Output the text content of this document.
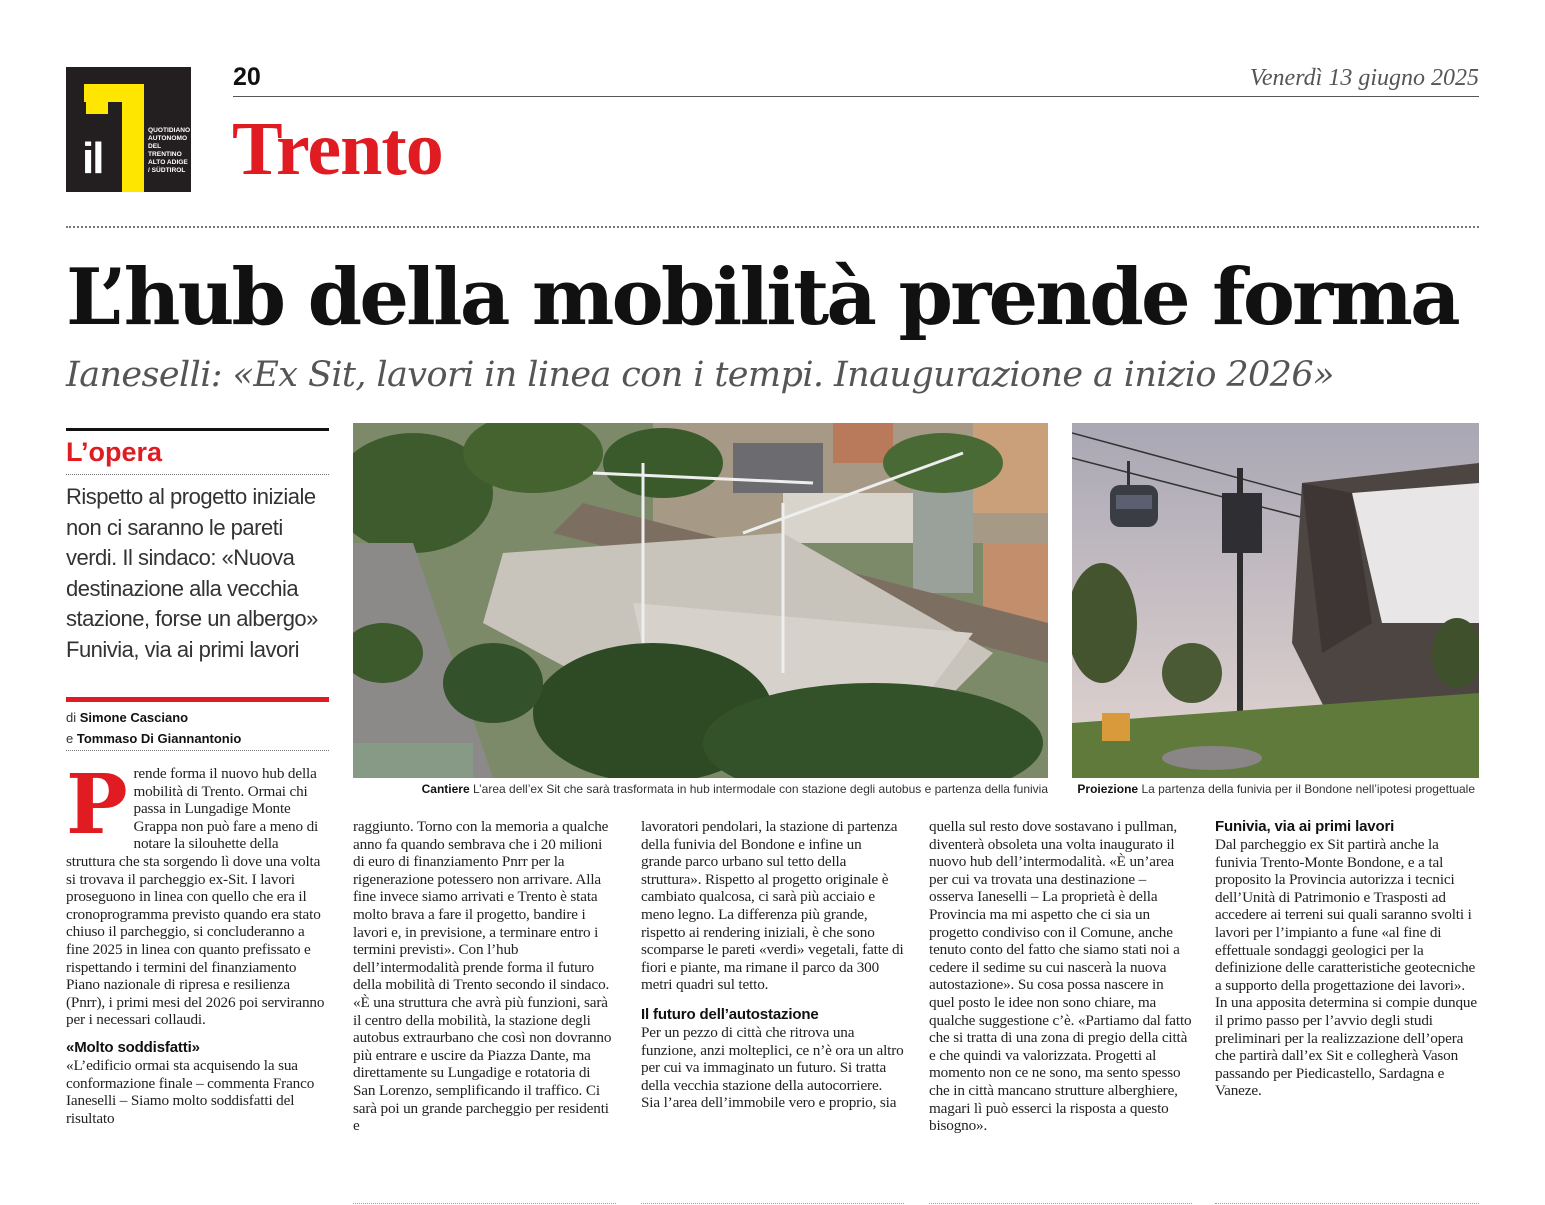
il
QUOTIDIANO AUTONOMO DEL TRENTINO ALTO ADIGE / SÜDTIROL
20	Venerdì 13 giugno 2025
Trento
L’hub della mobilità prende forma
Ianeselli: «Ex Sit, lavori in linea con i tempi. Inaugurazione a inizio 2026»
L’opera
Rispetto al progetto iniziale non ci saranno le pareti verdi. Il sindaco: «Nuova destinazione alla vecchia stazione, forse un albergo» Funivia, via ai primi lavori
di Simone Casciano
e Tommaso Di Giannantonio
Cantiere L’area dell’ex Sit che sarà trasformata in hub intermodale con stazione degli autobus e partenza della funivia Proiezione La partenza della funivia per il Bondone nell’ipotesi progettuale
P rende forma il nuovo hub della mobilità di Trento. Ormai chi passa in Lungadige Monte Grappa non può fare a meno di notare la silouhette della struttura che sta sorgendo lì dove una volta si trovava il parcheggio ex-Sit. I lavori proseguono in linea con quello che era il cronoprogramma previsto quando era stato chiuso il parcheggio, si concluderanno a fine 2025 in linea con quanto prefissato e rispettando i termini del finanziamento Piano nazionale di ripresa e resilienza (Pnrr), i primi mesi del 2026 poi serviranno per i necessari collaudi.

«Molto soddisfatti»

«L’edificio ormai sta acquisendo la sua conformazione finale – commenta Franco Ianeselli – Siamo molto soddisfatti del risultato

raggiunto. Torno con la memoria a qualche anno fa quando sembrava che i 20 milioni di euro di finanziamento Pnrr per la rigenerazione potessero non arrivare. Alla fine invece siamo arrivati e Trento è stata molto brava a fare il progetto, bandire i lavori e, in previsione, a terminare entro i termini previsti». Con l’hub dell’intermodalità prende forma il futuro della mobilità di Trento secondo il sindaco. «È una struttura che avrà più funzioni, sarà il centro della mobilità, la stazione degli autobus extraurbano che così non dovranno più entrare e uscire da Piazza Dante, ma direttamente su Lungadige e rotatoria di San Lorenzo, semplificando il traffico. Ci sarà poi un grande parcheggio per residenti e

lavoratori pendolari, la stazione di partenza della funivia del Bondone e infine un grande parco urbano sul tetto della struttura». Rispetto al progetto originale è cambiato qualcosa, ci sarà più acciaio e meno legno. La differenza più grande, rispetto ai rendering iniziali, è che sono scomparse le pareti «verdi» vegetali, fatte di fiori e piante, ma rimane il parco da 300 metri quadri sul tetto.

Il futuro dell’autostazione

Per un pezzo di città che ritrova una funzione, anzi molteplici, ce n’è ora un altro per cui va immaginato un futuro. Si tratta della vecchia stazione della autocorriere. Sia l’area dell’immobile vero e proprio, sia

quella sul resto dove sostavano i pullman, diventerà obsoleta una volta inaugurato il nuovo hub dell’intermodalità. «È un’area per cui va trovata una destinazione – osserva Ianeselli – La proprietà è della Provincia ma mi aspetto che ci sia un progetto condiviso con il Comune, anche tenuto conto del fatto che siamo stati noi a cedere il sedime su cui nascerà la nuova autostazione». Su cosa possa nascere in quel posto le idee non sono chiare, ma qualche suggestione c’è. «Partiamo dal fatto che si tratta di una zona di pregio della città e che quindi va valorizzata. Progetti al momento non ce ne sono, ma sento spesso che in città mancano strutture alberghiere, magari lì può esserci la risposta a questo bisogno».

Funivia, via ai primi lavori

Dal parcheggio ex Sit partirà anche la funivia Trento-Monte Bondone, e a tal proposito la Provincia autorizza i tecnici dell’Unità di Patrimonio e Trasposti ad accedere ai terreni sui quali saranno svolti i lavori per l’impianto a fune «al fine di effettuale sondaggi geologici per la definizione delle caratteristiche geotecniche a supporto della progettazione dei lavori».

In una apposita determina si compie dunque il primo passo per l’avvio degli studi preliminari per la realizzazione dell’opera che partirà dall’ex Sit e collegherà Vason passando per Piedicastello, Sardagna e Vaneze.
